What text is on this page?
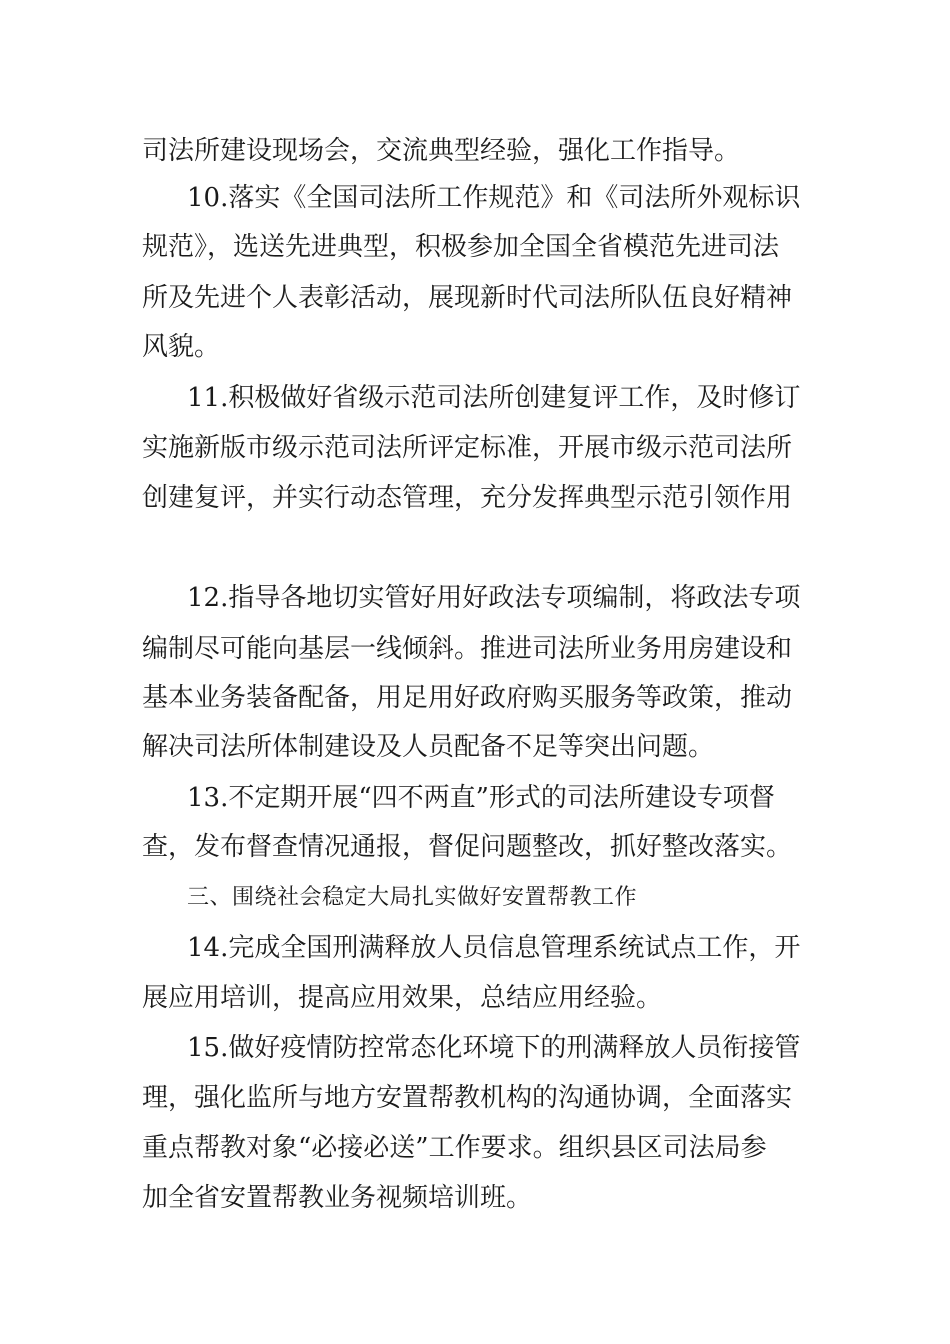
司法所建设现场会，交流典型经验，强化工作指导。

10.落实《全国司法所工作规范》和《司法所外观标识

规范》，选送先进典型，积极参加全国全省模范先进司法

所及先进个人表彰活动，展现新时代司法所队伍良好精神

风貌。

11.积极做好省级示范司法所创建复评工作，及时修订

实施新版市级示范司法所评定标准，开展市级示范司法所

创建复评，并实行动态管理，充分发挥典型示范引领作用

12.指导各地切实管好用好政法专项编制，将政法专项

编制尽可能向基层一线倾斜。推进司法所业务用房建设和

基本业务装备配备，用足用好政府购买服务等政策，推动

解决司法所体制建设及人员配备不足等突出问题。

13.不定期开展“四不两直”形式的司法所建设专项督

查，发布督查情况通报，督促问题整改，抓好整改落实。

三、围绕社会稳定大局扎实做好安置帮教工作

14.完成全国刑满释放人员信息管理系统试点工作，开

展应用培训，提高应用效果，总结应用经验。

15.做好疫情防控常态化环境下的刑满释放人员衔接管

理，强化监所与地方安置帮教机构的沟通协调，全面落实

重点帮教对象“必接必送”工作要求。组织县区司法局参

加全省安置帮教业务视频培训班。
